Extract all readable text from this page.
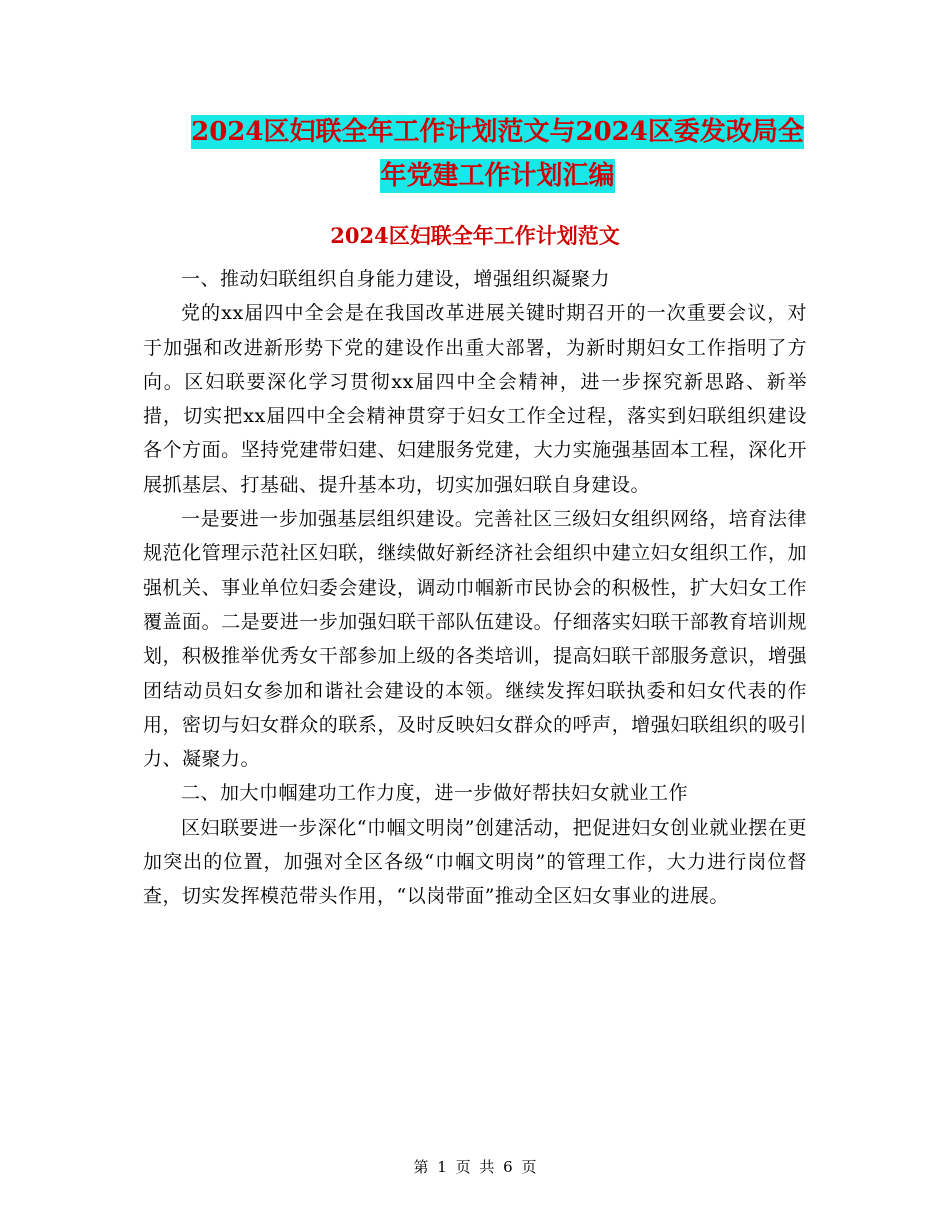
2024区妇联全年工作计划范文与2024区委发改局全年党建工作计划汇编
2024区妇联全年工作计划范文

一、推动妇联组织自身能力建设，增强组织凝聚力

党的xx届四中全会是在我国改革进展关键时期召开的一次重要会议，对于加强和改进新形势下党的建设作出重大部署，为新时期妇女工作指明了方向。区妇联要深化学习贯彻xx届四中全会精神，进一步探究新思路、新举措，切实把xx届四中全会精神贯穿于妇女工作全过程，落实到妇联组织建设各个方面。坚持党建带妇建、妇建服务党建，大力实施强基固本工程，深化开展抓基层、打基础、提升基本功，切实加强妇联自身建设。

一是要进一步加强基层组织建设。完善社区三级妇女组织网络，培育法律规范化管理示范社区妇联，继续做好新经济社会组织中建立妇女组织工作，加强机关、事业单位妇委会建设，调动巾帼新市民协会的积极性，扩大妇女工作覆盖面。二是要进一步加强妇联干部队伍建设。仔细落实妇联干部教育培训规划，积极推举优秀女干部参加上级的各类培训，提高妇联干部服务意识，增强团结动员妇女参加和谐社会建设的本领。继续发挥妇联执委和妇女代表的作用，密切与妇女群众的联系，及时反映妇女群众的呼声，增强妇联组织的吸引力、凝聚力。

二、加大巾帼建功工作力度，进一步做好帮扶妇女就业工作

区妇联要进一步深化“巾帼文明岗”创建活动，把促进妇女创业就业摆在更加突出的位置，加强对全区各级“巾帼文明岗”的管理工作，大力进行岗位督查，切实发挥模范带头作用，“以岗带面”推动全区妇女事业的进展。

第 1 页 共 6 页
